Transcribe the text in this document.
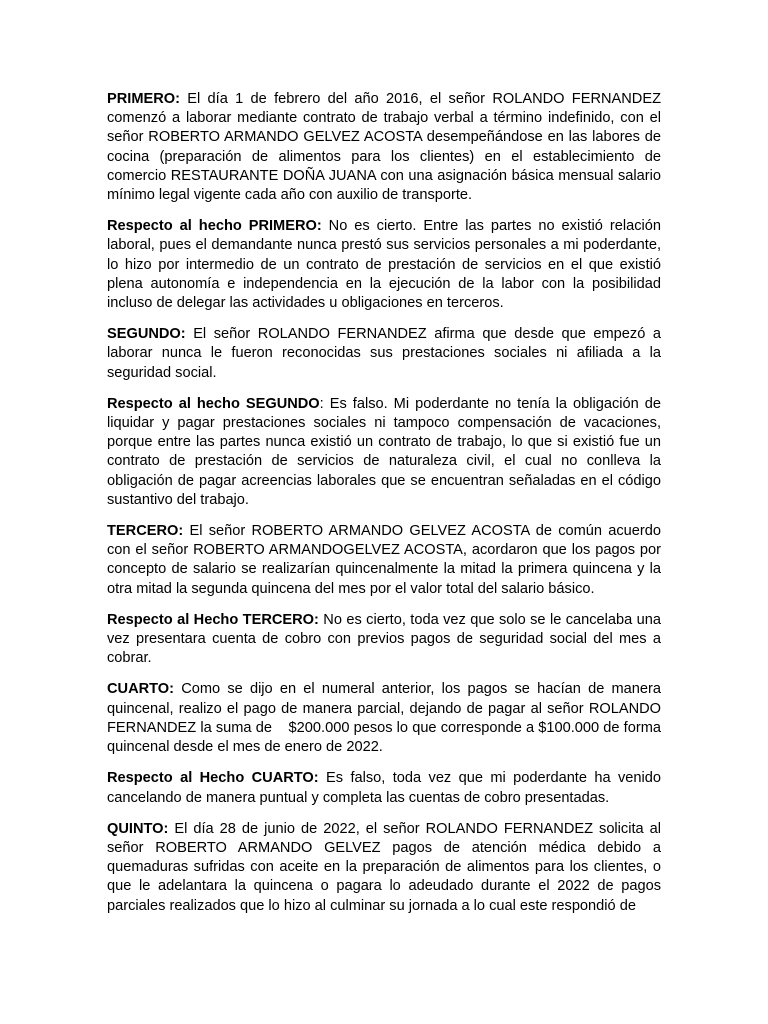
PRIMERO: El día 1 de febrero del año 2016, el señor ROLANDO FERNANDEZ comenzó a laborar mediante contrato de trabajo verbal a término indefinido, con el señor ROBERTO ARMANDO GELVEZ ACOSTA desempeñándose en las labores de cocina (preparación de alimentos para los clientes) en el establecimiento de comercio RESTAURANTE DOÑA JUANA con una asignación básica mensual salario mínimo legal vigente cada año con auxilio de transporte.

Respecto al hecho PRIMERO: No es cierto. Entre las partes no existió relación laboral, pues el demandante nunca prestó sus servicios personales a mi poderdante, lo hizo por intermedio de un contrato de prestación de servicios en el que existió plena autonomía e independencia en la ejecución de la labor con la posibilidad incluso de delegar las actividades u obligaciones en terceros.

SEGUNDO: El señor ROLANDO FERNANDEZ afirma que desde que empezó a laborar nunca le fueron reconocidas sus prestaciones sociales ni afiliada a la seguridad social.

Respecto al hecho SEGUNDO: Es falso. Mi poderdante no tenía la obligación de liquidar y pagar prestaciones sociales ni tampoco compensación de vacaciones, porque entre las partes nunca existió un contrato de trabajo, lo que si existió fue un contrato de prestación de servicios de naturaleza civil, el cual no conlleva la obligación de pagar acreencias laborales que se encuentran señaladas en el código sustantivo del trabajo.

TERCERO: El señor ROBERTO ARMANDO GELVEZ ACOSTA de común acuerdo con el señor ROBERTO ARMANDOGELVEZ ACOSTA, acordaron que los pagos por concepto de salario se realizarían quincenalmente la mitad la primera quincena y la otra mitad la segunda quincena del mes por el valor total del salario básico.

Respecto al Hecho TERCERO: No es cierto, toda vez que solo se le cancelaba una vez presentara cuenta de cobro con previos pagos de seguridad social del mes a cobrar.

CUARTO: Como se dijo en el numeral anterior, los pagos se hacían de manera quincenal, realizo el pago de manera parcial, dejando de pagar al señor ROLANDO FERNANDEZ la suma de    $200.000 pesos lo que corresponde a $100.000 de forma quincenal desde el mes de enero de 2022.

Respecto al Hecho CUARTO: Es falso, toda vez que mi poderdante ha venido cancelando de manera puntual y completa las cuentas de cobro presentadas.

QUINTO: El día 28 de junio de 2022, el señor ROLANDO FERNANDEZ solicita al señor ROBERTO ARMANDO GELVEZ pagos de atención médica debido a quemaduras sufridas con aceite en la preparación de alimentos para los clientes, o que le adelantara la quincena o pagara lo adeudado durante el 2022 de pagos parciales realizados que lo hizo al culminar su jornada a lo cual este respondió de
